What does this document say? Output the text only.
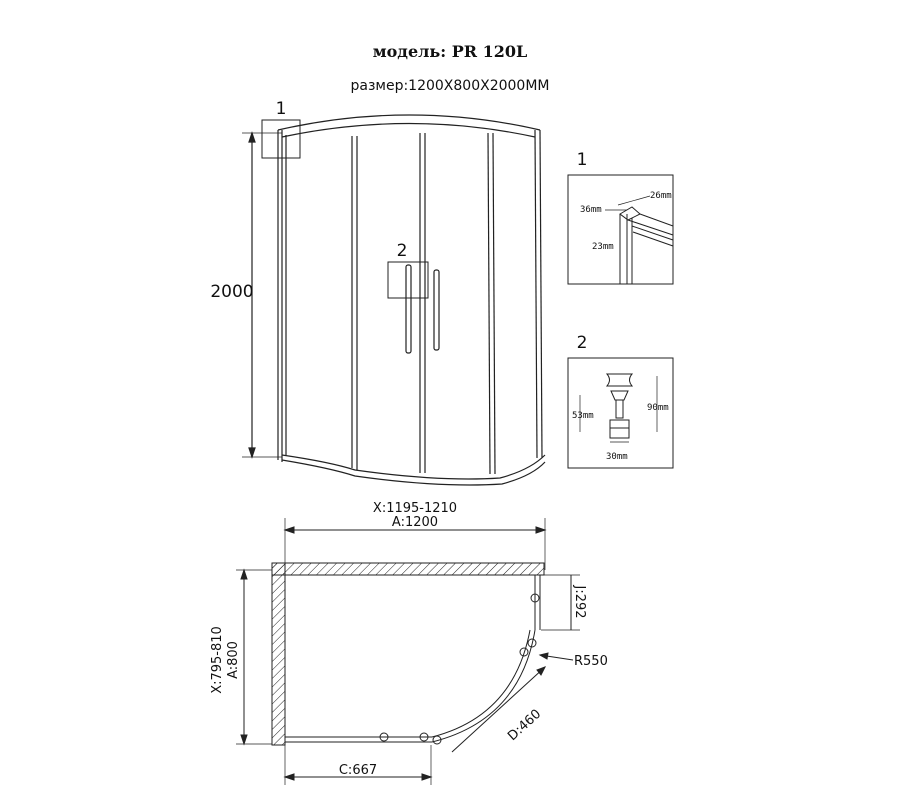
модель: PR 120L
размер:1200X800X2000MM
2000
1
2
1
26mm
36mm
23mm
2
53mm
90mm
30mm
X:1195-1210
A:1200
X:795-810 A:800
C:667
J:292
R550
D:460
